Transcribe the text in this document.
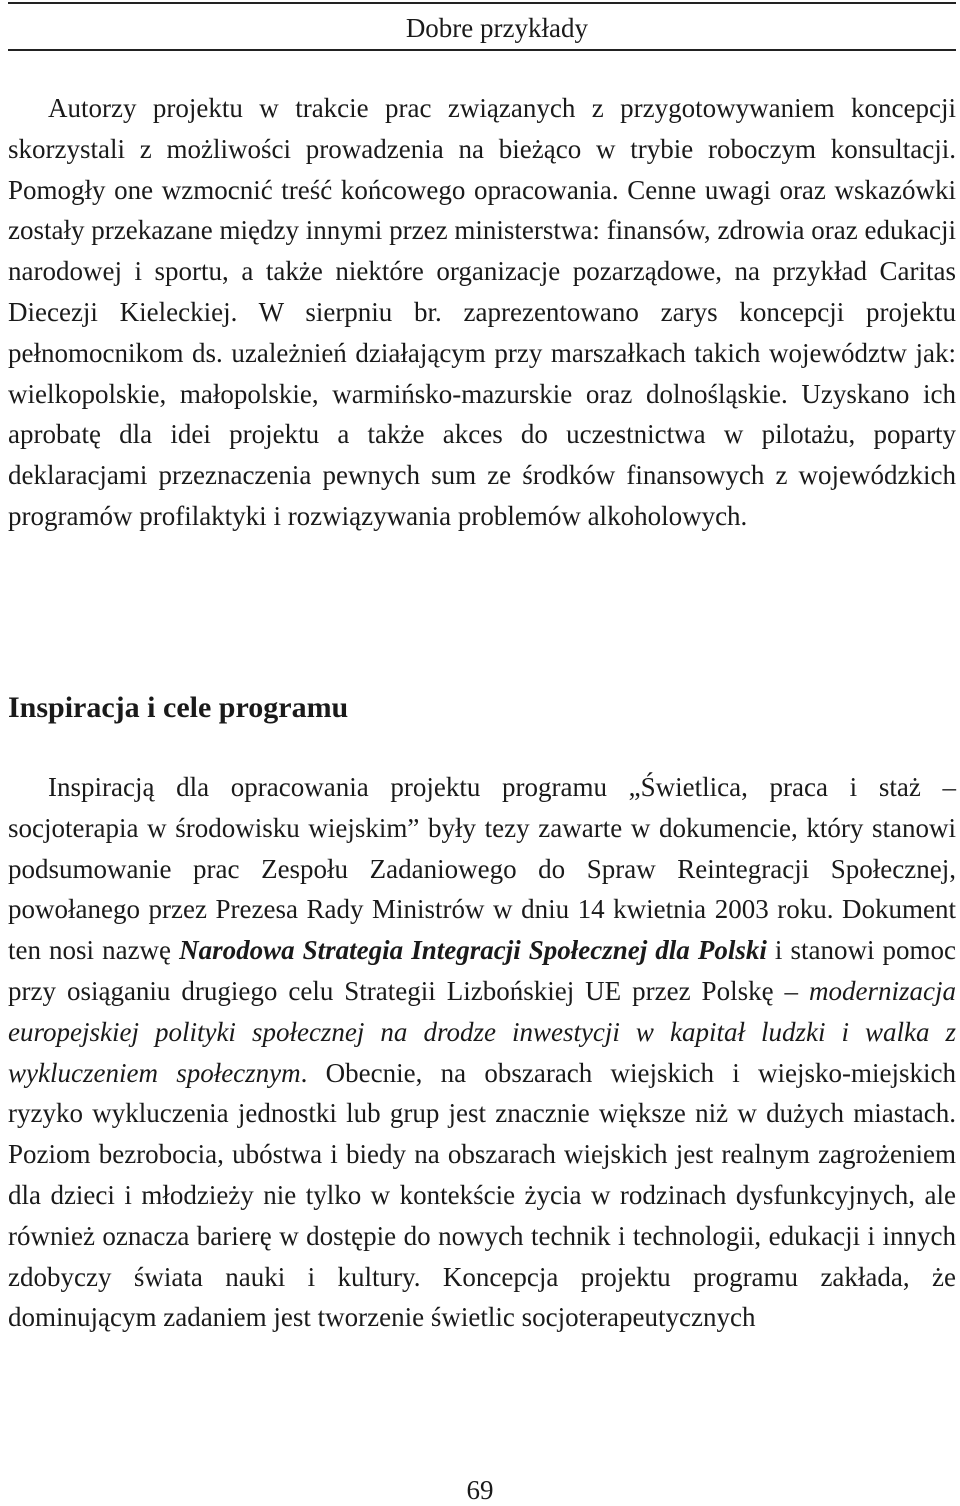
Dobre przykłady

Autorzy projektu w trakcie prac związanych z przygotowywaniem koncepcji skorzystali z możliwości prowadzenia na bieżąco w trybie roboczym konsultacji. Pomogły one wzmocnić treść końcowego opracowania. Cenne uwagi oraz wskazówki zostały przekazane między innymi przez ministerstwa: finansów, zdrowia oraz edukacji narodowej i sportu, a także niektóre organizacje pozarządowe, na przykład Caritas Diecezji Kieleckiej. W sierpniu br. zaprezentowano zarys koncepcji projektu pełnomocnikom ds. uzależnień działającym przy marszałkach takich województw jak: wielkopolskie, małopolskie, warmińsko-mazurskie oraz dolnośląskie. Uzyskano ich aprobatę dla idei projektu a także akces do uczestnictwa w pilotażu, poparty deklaracjami przeznaczenia pewnych sum ze środków finansowych z wojewódzkich programów profilaktyki i rozwiązywania problemów alkoholowych.

Inspiracja i cele programu

Inspiracją dla opracowania projektu programu „Świetlica, praca i staż – socjoterapia w środowisku wiejskim” były tezy zawarte w dokumencie, który stanowi podsumowanie prac Zespołu Zadaniowego do Spraw Reintegracji Społecznej, powołanego przez Prezesa Rady Ministrów w dniu 14 kwietnia 2003 roku. Dokument ten nosi nazwę Narodowa Strategia Integracji Społecznej dla Polski i stanowi pomoc przy osiąganiu drugiego celu Strategii Lizbońskiej UE przez Polskę – modernizacja europejskiej polityki społecznej na drodze inwestycji w kapitał ludzki i walka z wykluczeniem społecznym. Obecnie, na obszarach wiejskich i wiejsko-miejskich ryzyko wykluczenia jednostki lub grup jest znacznie większe niż w dużych miastach. Poziom bezrobocia, ubóstwa i biedy na obszarach wiejskich jest realnym zagrożeniem dla dzieci i młodzieży nie tylko w kontekście życia w rodzinach dysfunkcyjnych, ale również oznacza barierę w dostępie do nowych technik i technologii, edukacji i innych zdobyczy świata nauki i kultury. Koncepcja projektu programu zakłada, że dominującym zadaniem jest tworzenie świetlic socjoterapeutycznych

69
